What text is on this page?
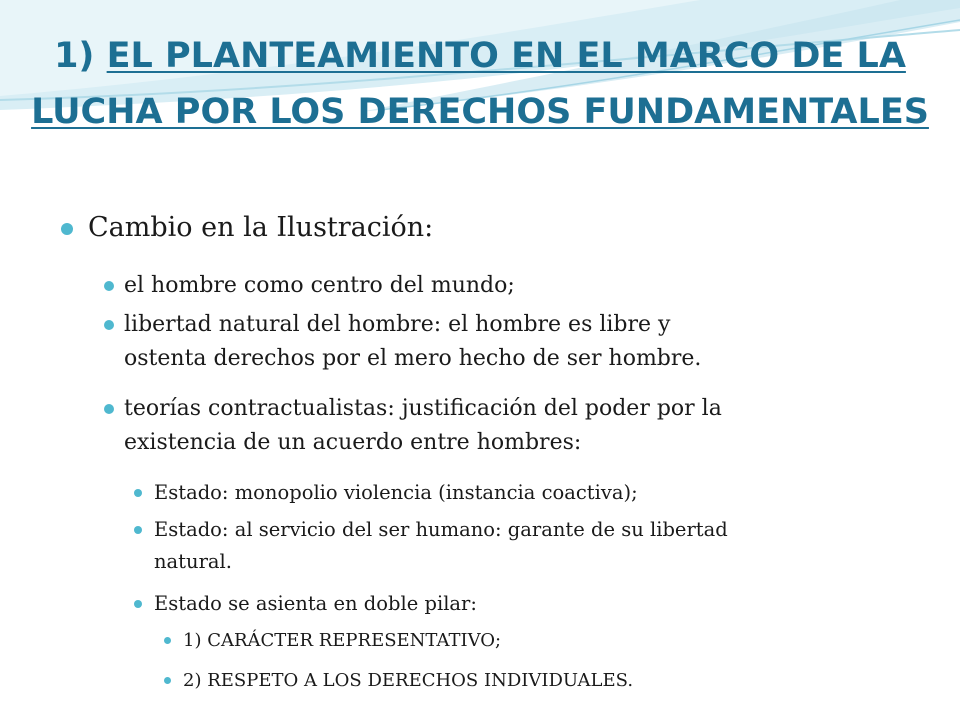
1) EL PLANTEAMIENTO EN EL MARCO DE LA LUCHA POR LOS DERECHOS FUNDAMENTALES
Cambio en la Ilustración:
el hombre como centro del mundo;
libertad natural del hombre: el hombre es libre y
ostenta derechos por el mero hecho de ser hombre.
teorías contractualistas: justificación del poder por la
existencia de un acuerdo entre hombres:
Estado: monopolio violencia (instancia coactiva);
Estado: al servicio del ser humano: garante de su libertad
natural.
Estado se asienta en doble pilar:
1) CARÁCTER REPRESENTATIVO;
2) RESPETO A LOS DERECHOS INDIVIDUALES.
